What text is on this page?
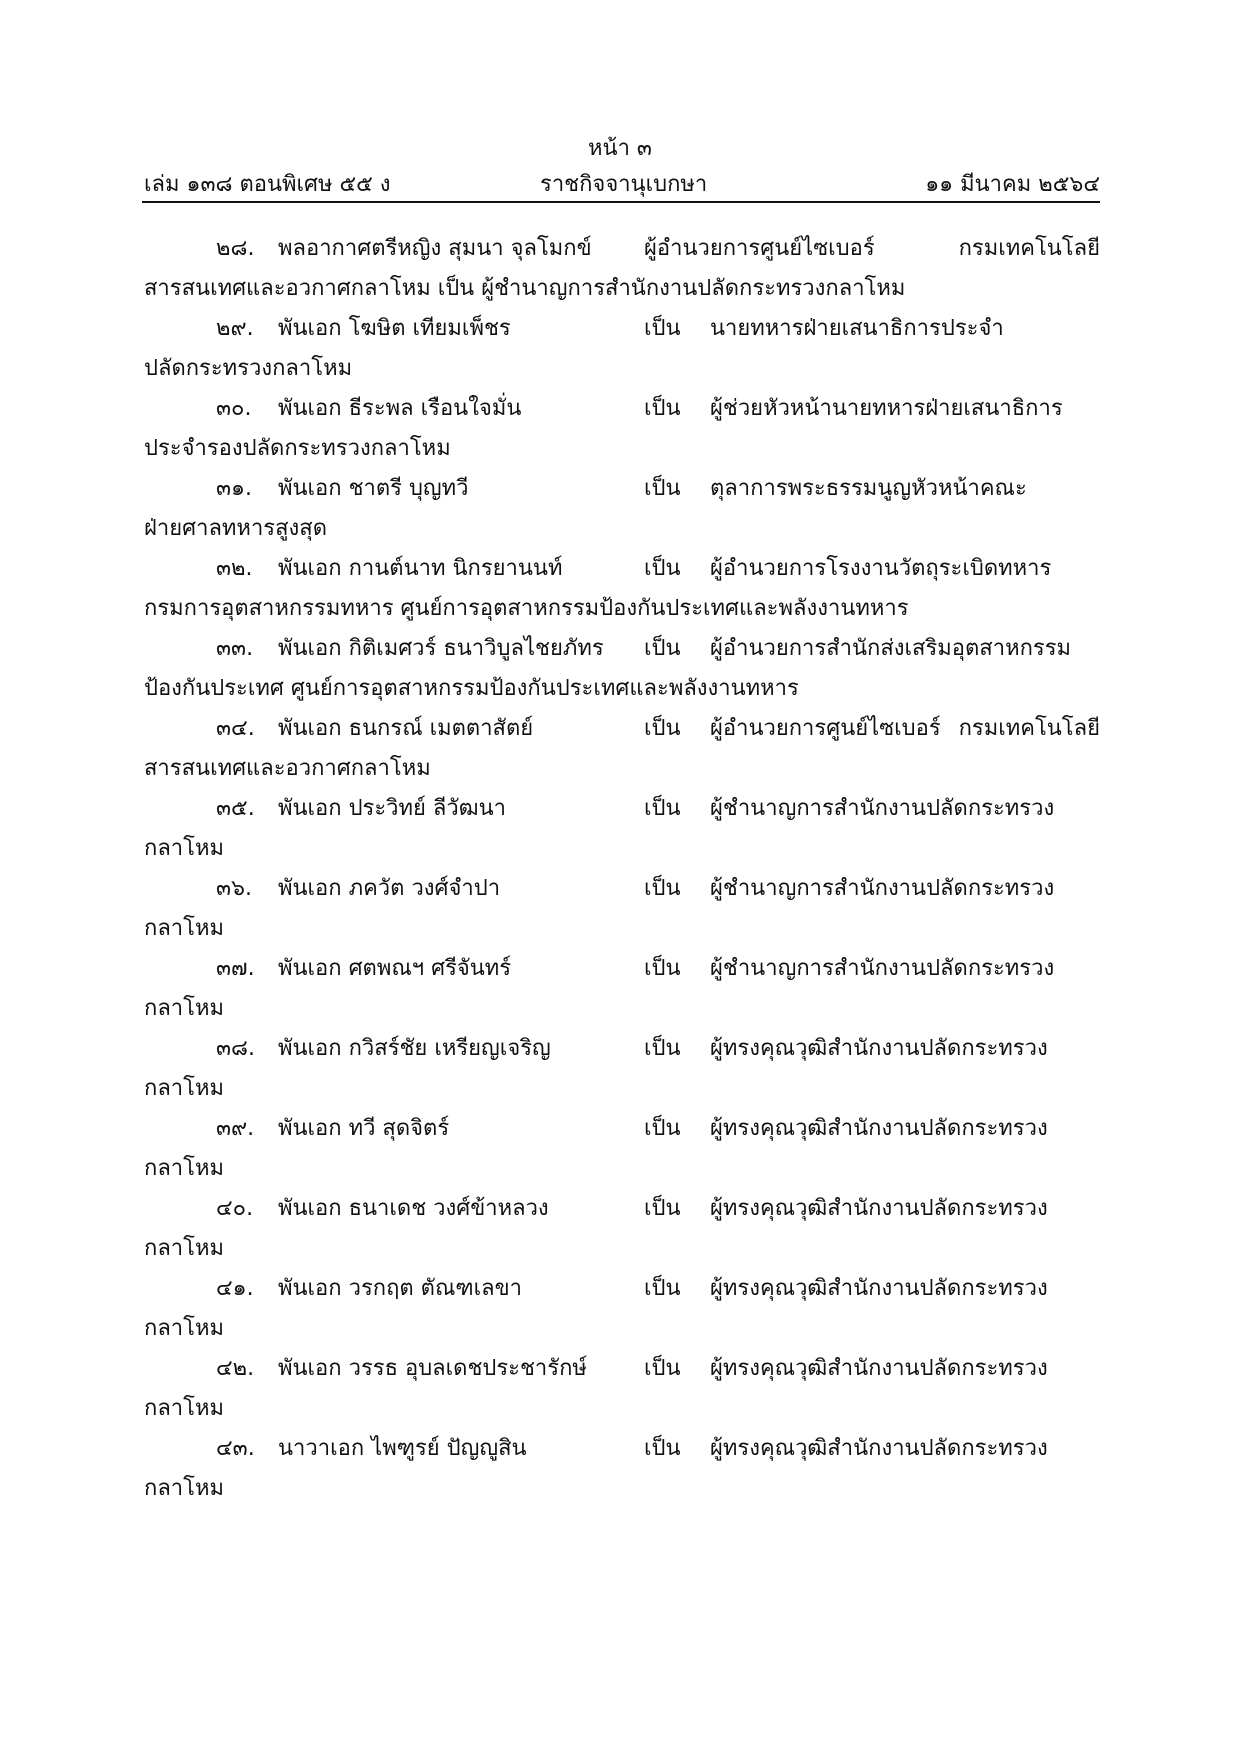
หน้า ๓
เล่ม ๑๓๘ ตอนพิเศษ ๕๕ ง	ราชกิจจานุเบกษา	๑๑ มีนาคม ๒๕๖๔
๒๘. พลอากาศตรีหญิง สุมนา จุลโมกข์ ผู้อำนวยการศูนย์ไซเบอร์ กรมเทคโนโลยี
สารสนเทศและอวกาศกลาโหม เป็น ผู้ชำนาญการสำนักงานปลัดกระทรวงกลาโหม
๒๙. พันเอก โฆษิต เทียมเพ็ชร	เป็น นายทหารฝ่ายเสนาธิการประจำ
ปลัดกระทรวงกลาโหม
๓๐. พันเอก ธีระพล เรือนใจมั่น	เป็น ผู้ช่วยหัวหน้านายทหารฝ่ายเสนาธิการ
ประจำรองปลัดกระทรวงกลาโหม
๓๑. พันเอก ชาตรี บุญทวี	เป็น ตุลาการพระธรรมนูญหัวหน้าคณะ
ฝ่ายศาลทหารสูงสุด
๓๒. พันเอก กานต์นาท นิกรยานนท์	เป็น ผู้อำนวยการโรงงานวัตถุระเบิดทหาร
กรมการอุตสาหกรรมทหาร ศูนย์การอุตสาหกรรมป้องกันประเทศและพลังงานทหาร
๓๓. พันเอก กิติเมศวร์ ธนาวิบูลไชยภัทร เป็น ผู้อำนวยการสำนักส่งเสริมอุตสาหกรรม
ป้องกันประเทศ ศูนย์การอุตสาหกรรมป้องกันประเทศและพลังงานทหาร
๓๔. พันเอก ธนกรณ์ เมตตาสัตย์	เป็น ผู้อำนวยการศูนย์ไซเบอร์ กรมเทคโนโลยี
สารสนเทศและอวกาศกลาโหม
๓๕. พันเอก ประวิทย์ ลีวัฒนา	เป็น ผู้ชำนาญการสำนักงานปลัดกระทรวง
กลาโหม
๓๖. พันเอก ภควัต วงศ์จำปา	เป็น ผู้ชำนาญการสำนักงานปลัดกระทรวง
กลาโหม
๓๗. พันเอก ศตพณฯ ศรีจันทร์	เป็น ผู้ชำนาญการสำนักงานปลัดกระทรวง
กลาโหม
๓๘. พันเอก กวิสร์ชัย เหรียญเจริญ	เป็น ผู้ทรงคุณวุฒิสำนักงานปลัดกระทรวง
กลาโหม
๓๙. พันเอก ทวี สุดจิตร์	เป็น ผู้ทรงคุณวุฒิสำนักงานปลัดกระทรวง
กลาโหม
๔๐. พันเอก ธนาเดช วงศ์ข้าหลวง	เป็น ผู้ทรงคุณวุฒิสำนักงานปลัดกระทรวง
กลาโหม
๔๑. พันเอก วรกฤต ตัณฑเลขา	เป็น ผู้ทรงคุณวุฒิสำนักงานปลัดกระทรวง
กลาโหม
๔๒. พันเอก วรรธ อุบลเดชประชารักษ์	เป็น ผู้ทรงคุณวุฒิสำนักงานปลัดกระทรวง
กลาโหม
๔๓. นาวาเอก ไพฑูรย์ ปัญญูสิน	เป็น ผู้ทรงคุณวุฒิสำนักงานปลัดกระทรวง
กลาโหม
